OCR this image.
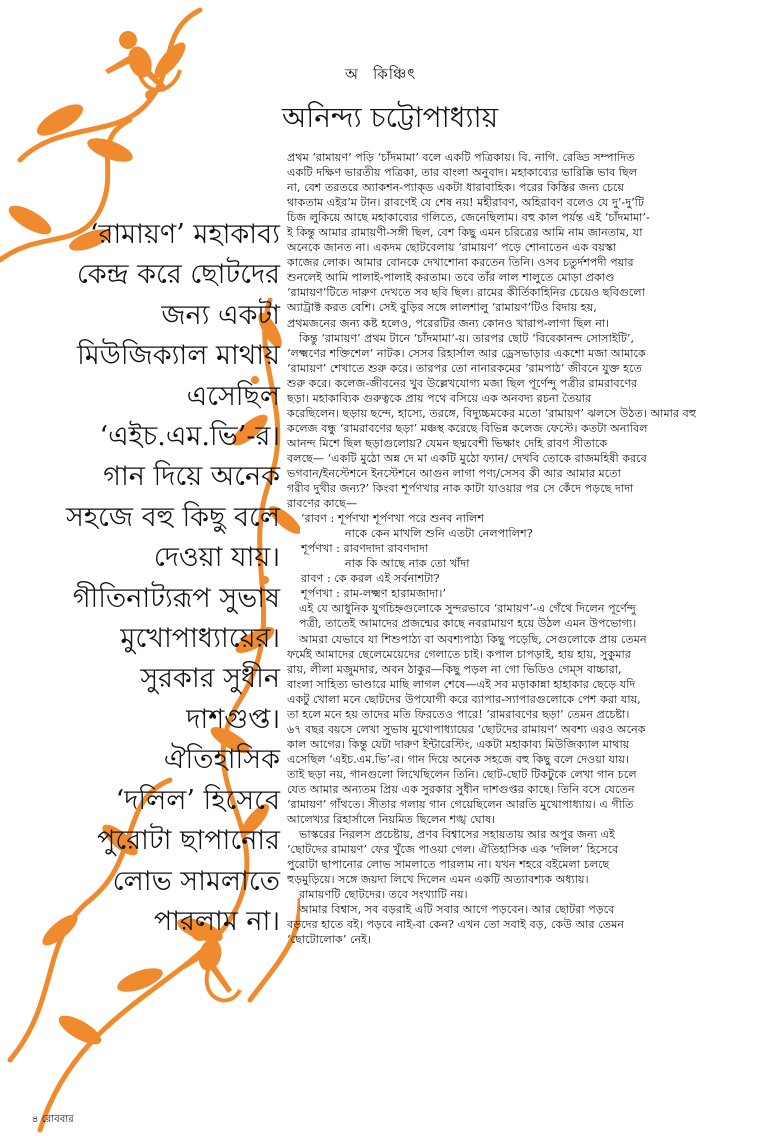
অ কিঞ্চিৎ
অনিন্দ্য চট্টোপাধ্যায়
‘রামায়ণ’ মহাকাব্য
কেন্দ্র করে ছোটদের
জন্য একটা
মিউজিক্যাল মাথায়
এসেছিল
‘এইচ.এম.ভি’-র।
গান দিয়ে অনেক
সহজে বহু কিছু বলে
দেওয়া যায়।
গীতিনাট্যরূপ সুভাষ
মুখোপাধ্যায়ের।
সুরকার সুধীন
দাশগুপ্ত।
ঐতিহাসিক
‘দলিল’ হিসেবে
পুরোটা ছাপানোর
লোভ সামলাতে
পারলাম না।
প্রথম ‘রামায়ণ’ পড়ি ‘চাঁদমামা’ বলে একটি পত্রিকায়। বি. নাগি. রেড্ডি সম্পাদিত
একটি দক্ষিণ ভারতীয় পত্রিকা, তার বাংলা অনুবাদ। মহাকাব্যের ভারিক্কি ভাব ছিল
না, বেশ তরতরে অ্যাকশন-প্যাক্‌ড একটা ধারাবাহিক। পরের কিস্তির জন্য চেয়ে
থাকতাম এইর’ম টান। রাবণেই যে শেষ নয়! মহীরাবণ, অহিরাবণ বলেও যে দু’-দু’টি
চিজ লুকিয়ে আছে মহাকাব্যের গলিতে, জেনেছিলাম। বহু কাল পর্যন্ত এই ‘চাঁদমামা’-
ই কিন্তু আমার রামায়ণী-সঙ্গী ছিল, বেশ কিছু এমন চরিত্রের আমি নাম জানতাম, যা
অনেকে জানত না। একদম ছোটবেলায় ‘রামায়ণ’ পড়ে শোনাতেন এক বয়স্কা
কাজের লোক। আমার বোনকে দেখাশোনা করতেন তিনি। ওসব চতুর্দশপদী পয়ার
শুনলেই আমি পালাই-পালাই করতাম। তবে তাঁর লাল শালুতে মোড়া প্রকাণ্ড
‘রামায়ণ’টিতে দারুণ দেখতে সব ছবি ছিল। রামের কীর্তিকাহিনির চেয়েও ছবিগুলো
অ্যাট্রাক্ট করত বেশি। সেই বুড়ির সঙ্গে লালশালু ‘রামায়ণ’টিও বিদায় হয়,
প্রথমজনের জন্য কষ্ট হলেও, পরেরটির জন্য কোনও খারাপ-লাগা ছিল না।
কিন্তু ‘রামায়ণ’ প্রথম টানে ‘চাঁদমামা’-য়। তারপর ছোট ‘বিবেকানন্দ সোসাইটি’,
‘লক্ষ্মণের শক্তিশেল’ নাটক। সেসব রিহার্সাল আর ড্রেসভাড়ার একশো মজা আমাকে
‘রামায়ণ’ শেখাতে শুরু করে। তারপর তো নানারকমের ‘রামপাঠ’ জীবনে যুক্ত হতে
শুরু করে। কলেজ-জীবনের খুব উল্লেখযোগ্য মজা ছিল পূর্ণেন্দু পত্রীর রামরাবণের
ছড়া। মহাকাব্যিক গুরুত্বকে প্রায় পথে বসিয়ে এক অনবদ্য রচনা তৈয়ার
করেছিলেন। ছড়ায় ছন্দে, হাস্যে, তরঙ্গে, বিদ্যুচ্চমকের মতো ‘রামায়ণ’ ঝলসে উঠত। আমার বহু
কলেজ বন্ধু ‘রামরাবণের ছড়া’ মঞ্চস্থ করেছে বিভিন্ন কলেজ ফেস্টে। কতটা অনাবিল
আনন্দ মিশে ছিল ছড়াগুলোয়? যেমন ছদ্মবেশী ভিক্ষাং দেহি রাবণ সীতাকে
বলছে— ‘একটি মুঠো অন্ন দে মা একটি মুঠো ফ্যান/ দেখবি তোকে রাজমহিষী করবে
ভগবান/ইনস্টেশনে ইনস্টেশনে আগুন লাগা পণ্য/সেসব কী আর আমার মতো
গরীব দুখীর জন্য?’ কিংবা শূর্পণখার নাক কাটা যাওয়ার পর সে কেঁদে পড়ছে দাদা
রাবণের কাছে—
‘রাবণ : শূর্পণখা শূর্পণখা পরে শুনব নালিশ
নাকে কেন মাখলি শুনি এতটা নেলপালিশ?
শূর্পণখা : রাবণদাদা রাবণদাদা
নাক কি আছে নাক তো খাঁদা
রাবণ : কে করল এই সর্বনাশটা?
শূর্পণখা : রাম-লক্ষ্মণ হারামজাদা।’
এই যে আধুনিক যুগচিহ্নগুলোকে সুন্দরভাবে ‘রামায়ণ’-এ গেঁথে দিলেন পূর্ণেন্দু
পত্রী, তাতেই আমাদের প্রজন্মের কাছে নবরামায়ণ হয়ে উঠল এমন উপভোগ্য।
আমরা যেভাবে যা শিশুপাঠ্য বা অবশ্যপাঠ্য কিছু পড়েছি, সেগুলোকে প্রায় তেমন
ফর্মেই আমাদের ছেলেমেয়েদের গেলাতে চাই। কপাল চাপড়াই, হায় হায়, সুকুমার
রায়, লীলা মজুমদার, অবন ঠাকুর—কিছু পড়ল না গো ভিডিও গেম্‌স বাচ্চারা,
বাংলা সাহিত্য ভাণ্ডারে মাছি লাগল শেষে—এই সব মড়াকান্না হাহাকার ছেড়ে যদি
একটু খোলা মনে ছোটদের উপযোগী করে ব্যাপার-স্যাপারগুলোকে পেশ করা যায়,
তা হলে মনে হয় তাদের মতি ফিরতেও পারে! ‘রামরাবণের ছড়া’ তেমন প্রচেষ্টা।
৬৭ বছর বয়সে লেখা সুভাষ মুখোপাধ্যায়ের ‘ছোটদের রামায়ণ’ অবশ্য এরও অনেক
কাল আগের। কিন্তু যেটা দারুণ ইন্টারেস্টিং, একটা মহাকাব্য মিউজিক্যাল মাথায়
এসেছিল ‘এইচ.এম.ভি’-র। গান দিয়ে অনেক সহজে বহু কিছু বলে দেওয়া যায়।
তাই ছড়া নয়, গানগুলো লিখেছিলেন তিনি। ছোট-ছোট টিকটুকে লেখা গান চলে
যেত আমার অন্যতম প্রিয় এক সুরকার সুধীন দাশগুপ্তর কাছে। তিনি বসে যেতেন
‘রামায়ণ’ গাঁথতে। সীতার গলায় গান গেয়েছিলেন আরতি মুখোপাধ্যায়। এ গীতি
আলেখ্যর রিহার্সালে নিয়মিত ছিলেন শঙ্খ ঘোষ।
ভাস্করের নিরলস প্রচেষ্টায়, প্রণব বিশ্বাসের সহায়তায় আর অপুর জন্য এই
‘ছোটদের রামায়ণ’ ফের খুঁজে পাওয়া গেল। ঐতিহাসিক এক ‘দলিল’ হিসেবে
পুরোটা ছাপানোর লোভ সামলাতে পারলাম না। যখন শহরে বইমেলা চলছে
হুড়মুড়িয়ে। সঙ্গে জয়দা লিখে দিলেন এমন একটি অত্যাবশ্যক অধ্যায়।
রামায়ণটি ছোটদের। তবে সংখ্যাটি নয়।
আমার বিশ্বাস, সব বড়রাই এটি সবার আগে পড়বেন। আর ছোটরা পড়বে
বড়দের হাতে বই। পড়বে নাই-বা কেন? এখন তো সবাই বড়, কেউ আর তেমন
‘ছোটোলোক’ নেই।
৪ রোববার
